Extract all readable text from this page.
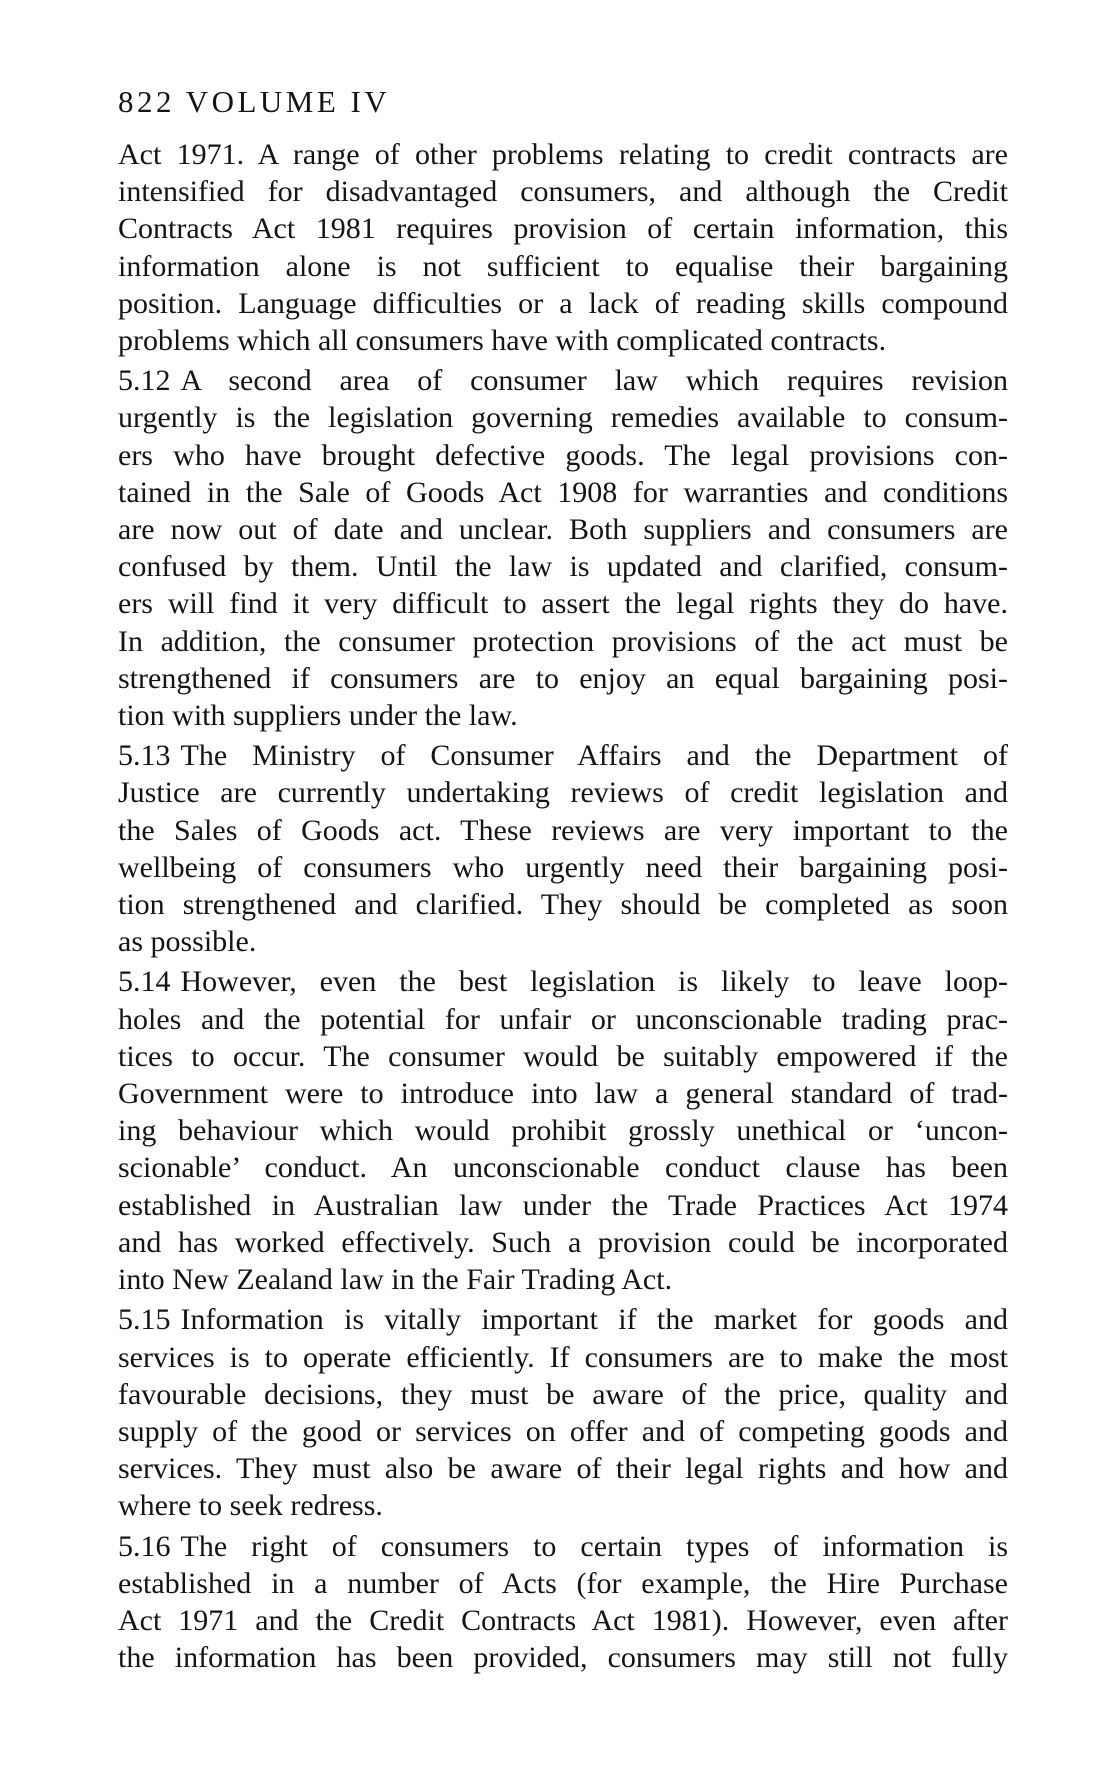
822 VOLUME IV
Act 1971. A range of other problems relating to credit contracts are
intensified for disadvantaged consumers, and although the Credit
Contracts Act 1981 requires provision of certain information, this
information alone is not sufficient to equalise their bargaining
position. Language difficulties or a lack of reading skills compound
problems which all consumers have with complicated contracts.
5.12 A second area of consumer law which requires revision
urgently is the legislation governing remedies available to consum-
ers who have brought defective goods. The legal provisions con-
tained in the Sale of Goods Act 1908 for warranties and conditions
are now out of date and unclear. Both suppliers and consumers are
confused by them. Until the law is updated and clarified, consum-
ers will find it very difficult to assert the legal rights they do have.
In addition, the consumer protection provisions of the act must be
strengthened if consumers are to enjoy an equal bargaining posi-
tion with suppliers under the law.
5.13 The Ministry of Consumer Affairs and the Department of
Justice are currently undertaking reviews of credit legislation and
the Sales of Goods act. These reviews are very important to the
wellbeing of consumers who urgently need their bargaining posi-
tion strengthened and clarified. They should be completed as soon
as possible.
5.14 However, even the best legislation is likely to leave loop-
holes and the potential for unfair or unconscionable trading prac-
tices to occur. The consumer would be suitably empowered if the
Government were to introduce into law a general standard of trad-
ing behaviour which would prohibit grossly unethical or ‘uncon-
scionable’ conduct. An unconscionable conduct clause has been
established in Australian law under the Trade Practices Act 1974
and has worked effectively. Such a provision could be incorporated
into New Zealand law in the Fair Trading Act.
5.15 Information is vitally important if the market for goods and
services is to operate efficiently. If consumers are to make the most
favourable decisions, they must be aware of the price, quality and
supply of the good or services on offer and of competing goods and
services. They must also be aware of their legal rights and how and
where to seek redress.
5.16 The right of consumers to certain types of information is
established in a number of Acts (for example, the Hire Purchase
Act 1971 and the Credit Contracts Act 1981). However, even after
the information has been provided, consumers may still not fully
